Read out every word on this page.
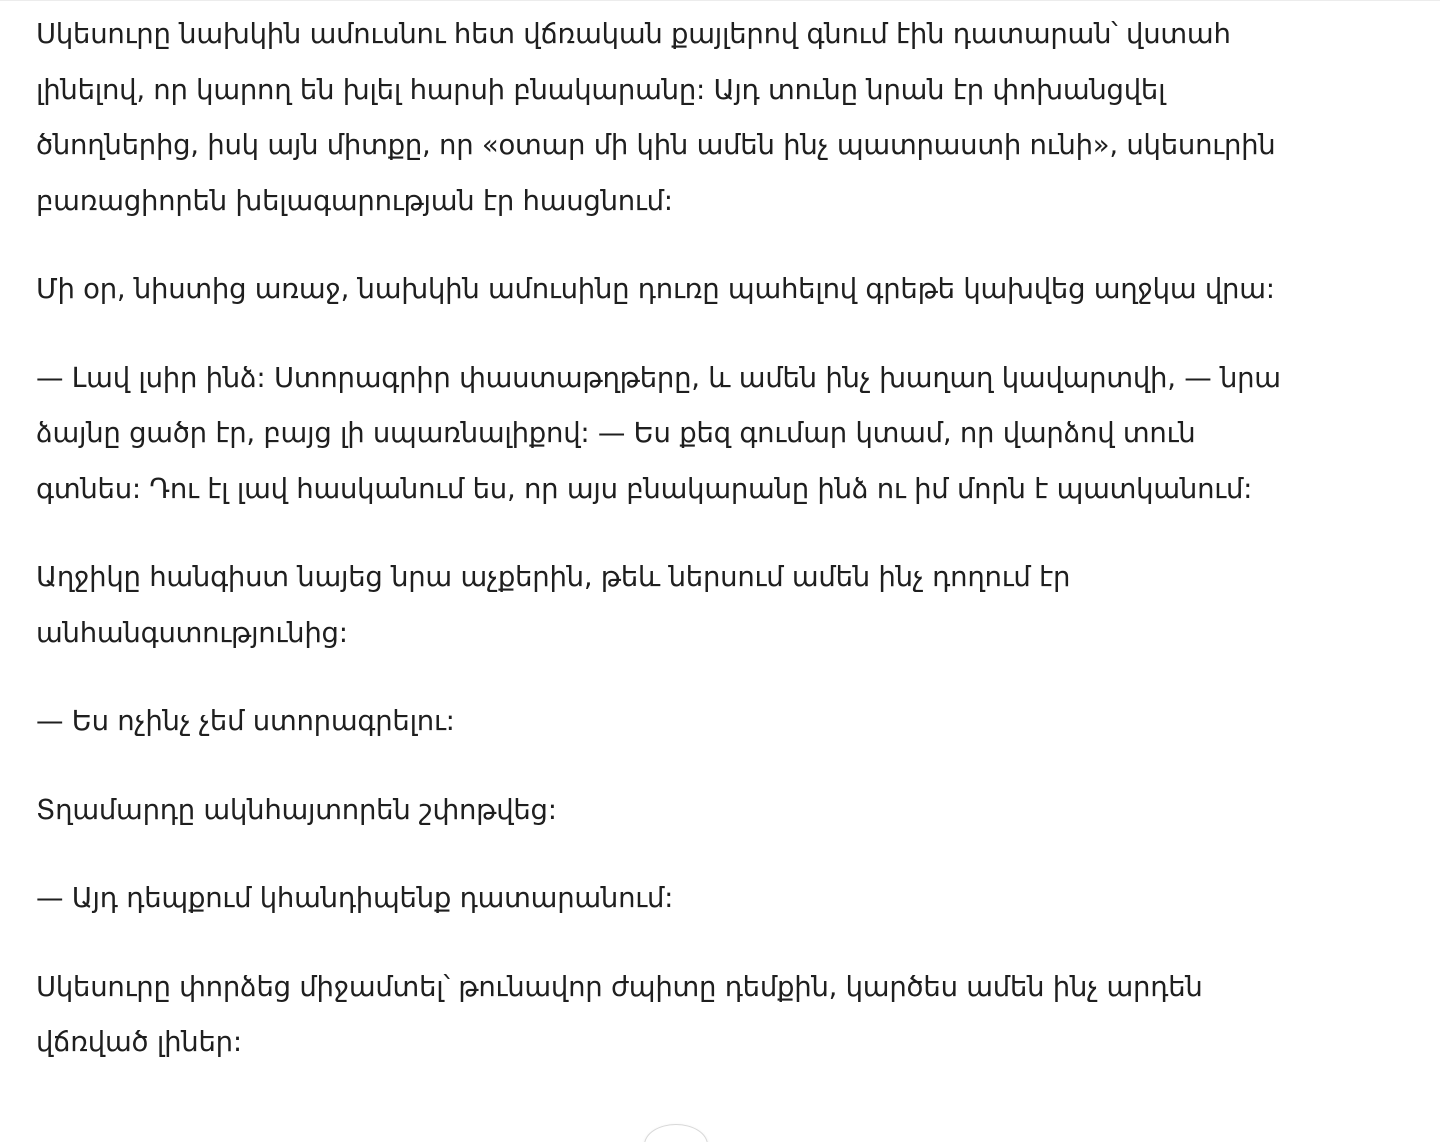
Սկեսուրը նախկին ամուսնու հետ վճռական քայլերով գնում էին դատարան՝ վստահ լինելով, որ կարող են խլել հարսի բնակարանը: Այդ տունը նրան էր փոխանցվել ծնողներից, իսկ այն միտքը, որ «օտար մի կին ամեն ինչ պատրաստի ունի», սկեսուրին բառացիորեն խելագարության էր հասցնում:

Մի օր, նիստից առաջ, նախկին ամուսինը դուռը պահելով գրեթե կախվեց աղջկա վրա:

— Լավ լսիր ինձ: Ստորագրիր փաստաթղթերը, և ամեն ինչ խաղաղ կավարտվի, — նրա ձայնը ցածր էր, բայց լի սպառնալիքով: — Ես քեզ գումար կտամ, որ վարձով տուն գտնես: Դու էլ լավ հասկանում ես, որ այս բնակարանը ինձ ու իմ մորն է պատկանում:

Աղջիկը հանգիստ նայեց նրա աչքերին, թեև ներսում ամեն ինչ դողում էր անհանգստությունից:

— Ես ոչինչ չեմ ստորագրելու:

Տղամարդը ակնհայտորեն շփոթվեց:

— Այդ դեպքում կհանդիպենք դատարանում:

Սկեսուրը փորձեց միջամտել՝ թունավոր ժպիտը դեմքին, կարծես ամեն ինչ արդեն վճռված լիներ:
